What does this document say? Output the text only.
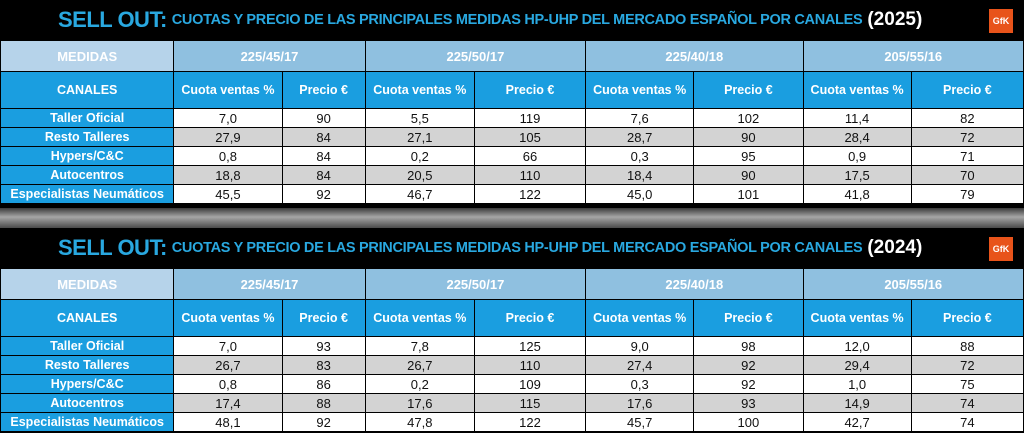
SELL OUT: CUOTAS Y PRECIO DE LAS PRINCIPALES MEDIDAS HP-UHP DEL MERCADO ESPAÑOL POR CANALES (2025)	GfK
MEDIDAS	225/45/17		225/50/17		225/40/18		205/55/16	
CANALES	Cuota ventas %	Precio €	Cuota ventas %	Precio €	Cuota ventas %	Precio €	Cuota ventas %	Precio €
Taller Oficial	7,0	90	5,5	119	7,6	102	11,4	82
Resto Talleres	27,9	84	27,1	105	28,7	90	28,4	72
Hypers/C&C	0,8	84	0,2	66	0,3	95	0,9	71
Autocentros	18,8	84	20,5	110	18,4	90	17,5	70
Especialistas Neumáticos	45,5	92	46,7	122	45,0	101	41,8	79
SELL OUT: CUOTAS Y PRECIO DE LAS PRINCIPALES MEDIDAS HP-UHP DEL MERCADO ESPAÑOL POR CANALES (2024)	GfK
MEDIDAS	225/45/17		225/50/17		225/40/18		205/55/16	
CANALES	Cuota ventas %	Precio €	Cuota ventas %	Precio €	Cuota ventas %	Precio €	Cuota ventas %	Precio €
Taller Oficial	7,0	93	7,8	125	9,0	98	12,0	88
Resto Talleres	26,7	83	26,7	110	27,4	92	29,4	72
Hypers/C&C	0,8	86	0,2	109	0,3	92	1,0	75
Autocentros	17,4	88	17,6	115	17,6	93	14,9	74
Especialistas Neumáticos	48,1	92	47,8	122	45,7	100	42,7	74
